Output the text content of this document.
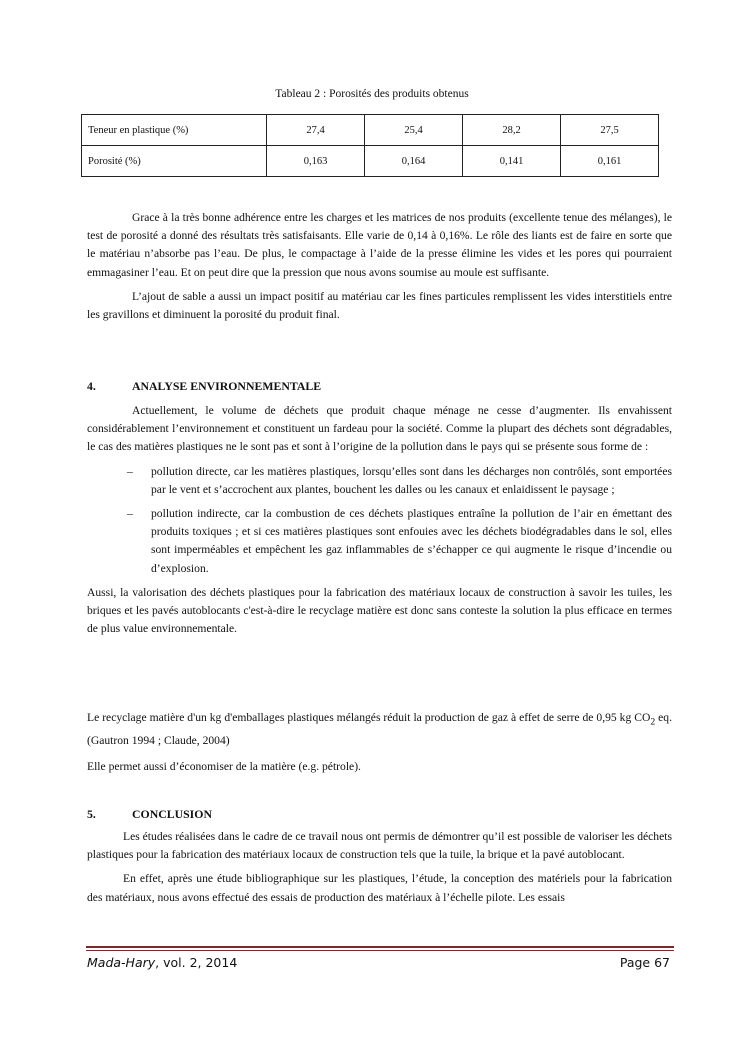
Tableau 2 : Porosités des produits obtenus
Teneur en plastique (%)	27,4	25,4	28,2	27,5
Porosité (%)	0,163	0,164	0,141	0,161

Grace à la très bonne adhérence entre les charges et les matrices de nos produits (excellente tenue des mélanges), le test de porosité a donné des résultats très satisfaisants. Elle varie de 0,14 à 0,16%. Le rôle des liants est de faire en sorte que le matériau n’absorbe pas l’eau. De plus, le compactage à l’aide de la presse élimine les vides et les pores qui pourraient emmagasiner l’eau. Et on peut dire que la pression que nous avons soumise au moule est suffisante.

L’ajout de sable a aussi un impact positif au matériau car les fines particules remplissent les vides interstitiels entre les gravillons et diminuent la porosité du produit final.

4.	ANALYSE ENVIRONNEMENTALE

Actuellement, le volume de déchets que produit chaque ménage ne cesse d’augmenter. Ils envahissent considérablement l’environnement et constituent un fardeau pour la société. Comme la plupart des déchets sont dégradables, le cas des matières plastiques ne le sont pas et sont à l’origine de la pollution dans le pays qui se présente sous forme de :

– pollution directe, car les matières plastiques, lorsqu’elles sont dans les décharges non contrôlés, sont emportées par le vent et s’accrochent aux plantes, bouchent les dalles ou les canaux et enlaidissent le paysage ;
– pollution indirecte, car la combustion de ces déchets plastiques entraîne la pollution de l’air en émettant des produits toxiques ; et si ces matières plastiques sont enfouies avec les déchets biodégradables dans le sol, elles sont imperméables et empêchent les gaz inflammables de s’échapper ce qui augmente le risque d’incendie ou d’explosion.

Aussi, la valorisation des déchets plastiques pour la fabrication des matériaux locaux de construction à savoir les tuiles, les briques et les pavés autoblocants c'est-à-dire le recyclage matière est donc sans conteste la solution la plus efficace en termes de plus value environnementale.

Le recyclage matière d'un kg d'emballages plastiques mélangés réduit la production de gaz à effet de serre de 0,95 kg $CO_2$ eq. (Gautron 1994 ; Claude, 2004)

Elle permet aussi d’économiser de la matière (e.g. pétrole).

5.	CONCLUSION

Les études réalisées dans le cadre de ce travail nous ont permis de démontrer qu’il est possible de valoriser les déchets plastiques pour la fabrication des matériaux locaux de construction tels que la tuile, la brique et la pavé autoblocant.

En effet, après une étude bibliographique sur les plastiques, l’étude, la conception des matériels pour la fabrication des matériaux, nous avons effectué des essais de production des matériaux à l’échelle pilote. Les essais

Mada-Hary, vol. 2, 2014	Page 67
